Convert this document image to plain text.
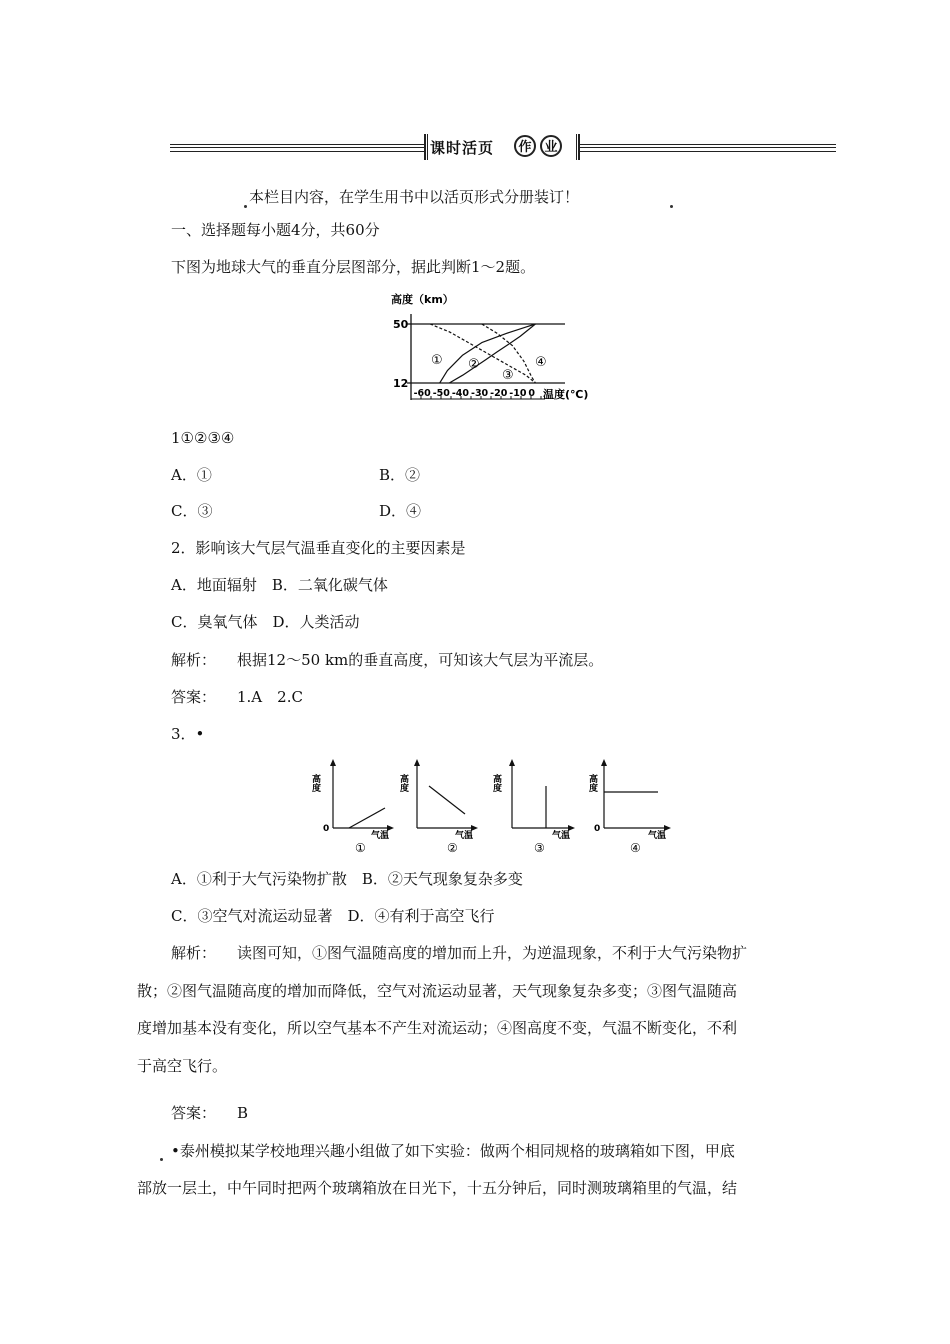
课时活页	作 业
本栏目内容，在学生用书中以活页形式分册装订！
一、选择题每小题4分，共60分
下图为地球大气的垂直分层图部分，据此判断1～2题。
高度（km）
50
12
-60 -50 -40 -30 -20 -10 0 温度(℃)
① ②
③
④
1①②③④
A．①	B．②
C．③	D．④
2．影响该大气层气温垂直变化的主要因素是
A．地面辐射　B．二氧化碳气体
C．臭氧气体　D．人类活动
解析： 根据12～50 km的垂直高度，可知该大气层为平流层。
答案： 1.A　2.C
3．•
高度
0
气温
①
高度
气温
②
高度
气温
③
高度
0
气温
④
A．①利于大气污染物扩散　B．②天气现象复杂多变
C．③空气对流运动显著　D．④有利于高空飞行
解析： 读图可知，①图气温随高度的增加而上升，为逆温现象，不利于大气污染物扩
散；②图气温随高度的增加而降低，空气对流运动显著，天气现象复杂多变；③图气温随高
度增加基本没有变化，所以空气基本不产生对流运动；④图高度不变，气温不断变化，不利
于高空飞行。
答案： B
•泰州模拟某学校地理兴趣小组做了如下实验：做两个相同规格的玻璃箱如下图，甲底
部放一层土，中午同时把两个玻璃箱放在日光下，十五分钟后，同时测玻璃箱里的气温，结
